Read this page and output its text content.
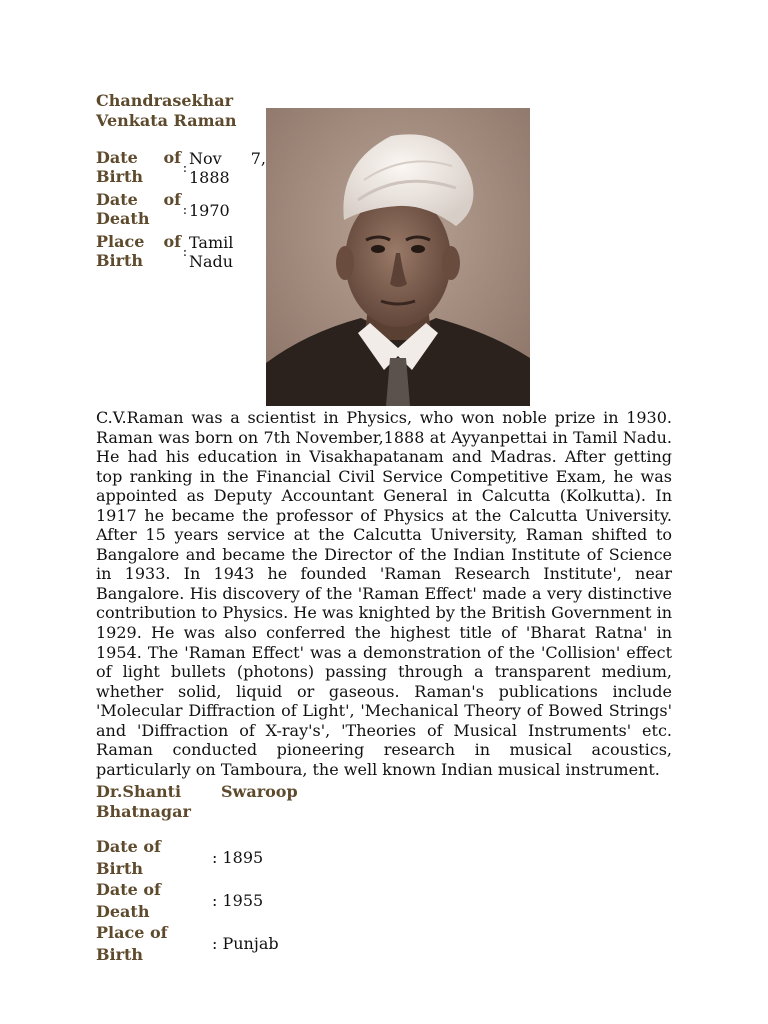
Chandrasekhar
Venkata Raman
Date of Birth	:	Nov 7, 1888
Date of Death	:	1970
Place of Birth	:	Tamil
Nadu

C.V.Raman was a scientist in Physics, who won noble prize in 1930. Raman was born on 7th November,1888 at Ayyanpettai in Tamil Nadu. He had his education in Visakhapatanam and Madras. After getting top ranking in the Financial Civil Service Competitive Exam, he was appointed as Deputy Accountant General in Calcutta (Kolkutta). In 1917 he became the professor of Physics at the Calcutta University. After 15 years service at the Calcutta University, Raman shifted to Bangalore and became the Director of the Indian Institute of Science in 1933. In 1943 he founded 'Raman Research Institute', near Bangalore. His discovery of the 'Raman Effect' made a very distinctive contribution to Physics. He was knighted by the British Government in 1929. He was also conferred the highest title of 'Bharat Ratna' in 1954. The 'Raman Effect' was a demonstration of the 'Collision' effect of light bullets (photons) passing through a transparent medium, whether solid, liquid or gaseous. Raman's publications include 'Molecular Diffraction of Light', 'Mechanical Theory of Bowed Strings' and 'Diffraction of X-ray's', 'Theories of Musical Instruments' etc. Raman conducted pioneering research in musical acoustics, particularly on Tamboura, the well known Indian musical instrument.

Dr.Shanti Swaroop
Bhatnagar
Date of Birth	: 1895
Date of Death	: 1955
Place of Birth	: Punjab
